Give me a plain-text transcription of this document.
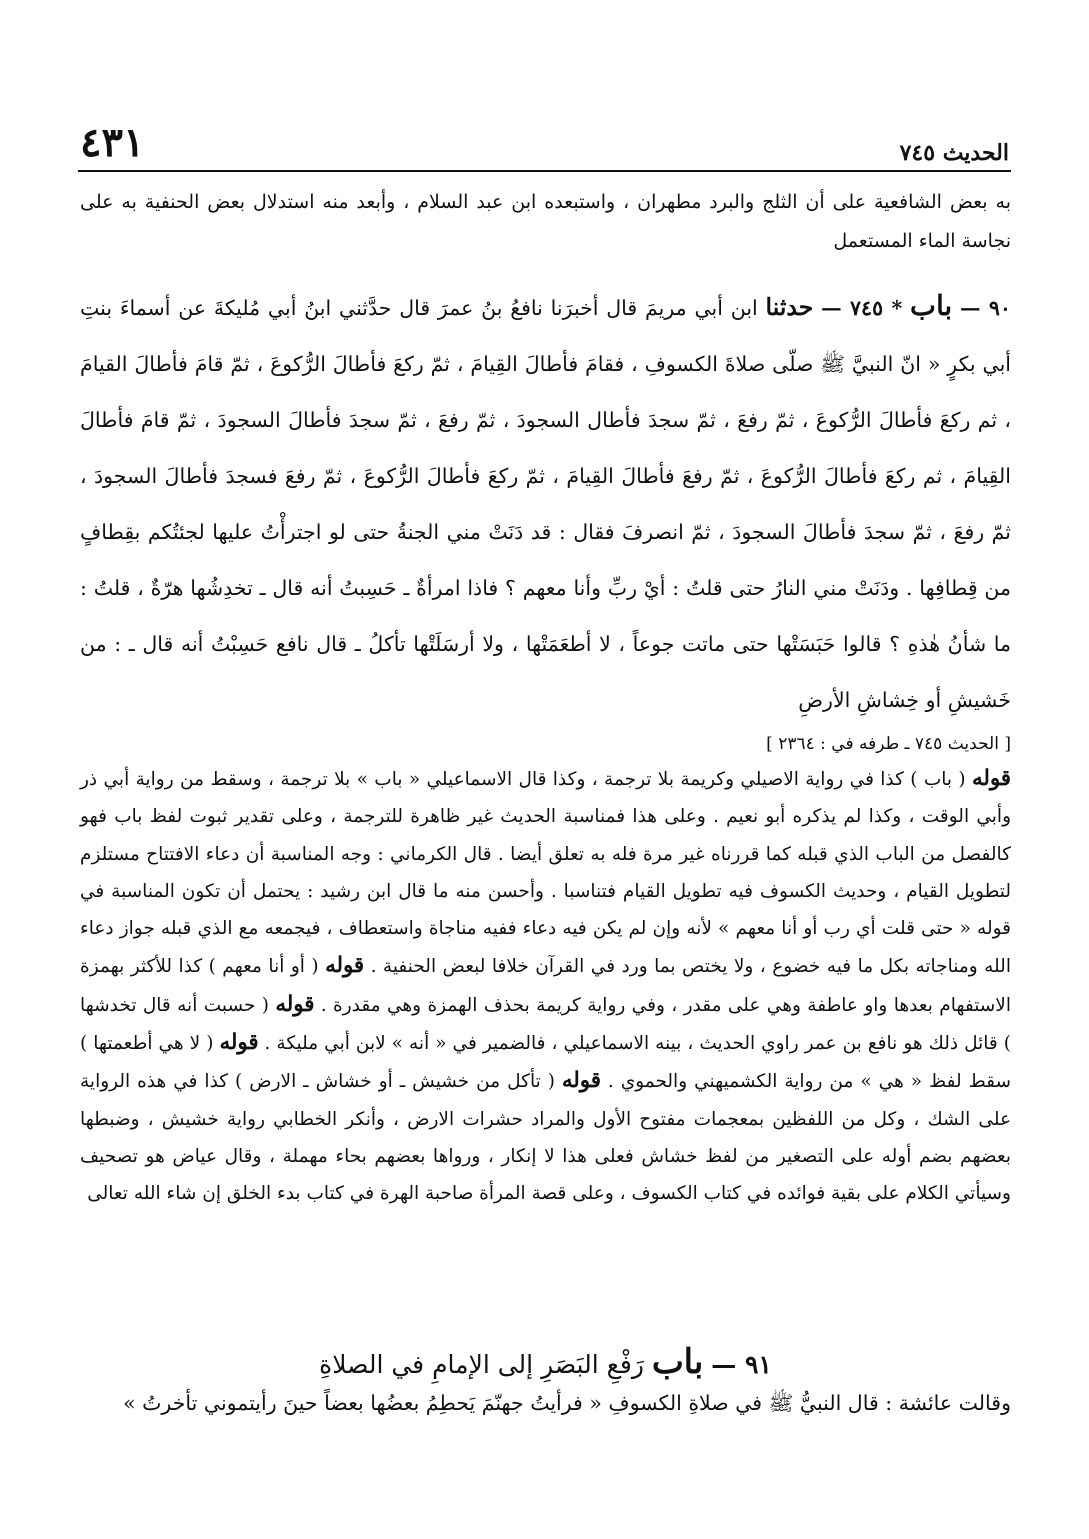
٤٣١	الحديث ٧٤٥
به بعض الشافعية على أن الثلج والبرد مطهران ، واستبعده ابن عبد السلام ، وأبعد منه استدلال بعض الحنفية به على نجاسة الماء المستعمل
٩٠ — باب * ٧٤٥ — حدثنا ابن أبي مريمَ قال أخبرَنا نافعُ بنُ عمرَ قال حدَّثني ابنُ أبي مُليكةَ عن أسماءَ بنتِ أبي بكرٍ « انّ النبيَّ ﷺ صلّى صلاةَ الكسوفِ ، فقامَ فأطالَ القِيامَ ، ثمّ ركعَ فأطالَ الرُّكوعَ ، ثمّ قامَ فأطالَ القيامَ ، ثم ركعَ فأطالَ الرُّكوعَ ، ثمّ رفعَ ، ثمّ سجدَ فأطال السجودَ ، ثمّ رفعَ ، ثمّ سجدَ فأطالَ السجودَ ، ثمّ قامَ فأطالَ القِيامَ ، ثم ركعَ فأطالَ الرُّكوعَ ، ثمّ رفعَ فأطالَ القِيامَ ، ثمّ ركعَ فأطالَ الرُّكوعَ ، ثمّ رفعَ فسجدَ فأطالَ السجودَ ، ثمّ رفعَ ، ثمّ سجدَ فأطالَ السجودَ ، ثمّ انصرفَ فقال : قد دَنَتْ مني الجنةُ حتى لو اجترأْتُ عليها لجئتُكم بقِطافٍ من قِطافِها . ودَنَتْ مني النارُ حتى قلتُ : أيْ ربِّ وأنا معهم ؟ فاذا امرأةٌ ـ حَسِبتُ أنه قال ـ تخدِشُها هرّةٌ ، قلتُ : ما شأنُ هٰذهِ ؟ قالوا حَبَسَتْها حتى ماتت جوعاً ، لا أطعَمَتْها ، ولا أرسَلَتْها تأكلُ ـ قال نافع حَسِبْتُ أنه قال ـ : من خَشيشِ أو خِشاشِ الأرضِ
[ الحديث ٧٤٥ ـ طرفه في : ٢٣٦٤ ]
قوله ( باب ) كذا في رواية الاصيلي وكريمة بلا ترجمة ، وكذا قال الاسماعيلي « باب » بلا ترجمة ، وسقط من رواية أبي ذر وأبي الوقت ، وكذا لم يذكره أبو نعيم . وعلى هذا فمناسبة الحديث غير ظاهرة للترجمة ، وعلى تقدير ثبوت لفظ باب فهو كالفصل من الباب الذي قبله كما قررناه غير مرة فله به تعلق أيضا . قال الكرماني : وجه المناسبة أن دعاء الافتتاح مستلزم لتطويل القيام ، وحديث الكسوف فيه تطويل القيام فتناسبا . وأحسن منه ما قال ابن رشيد : يحتمل أن تكون المناسبة في قوله « حتى قلت أي رب أو أنا معهم » لأنه وإن لم يكن فيه دعاء ففيه مناجاة واستعطاف ، فيجمعه مع الذي قبله جواز دعاء الله ومناجاته بكل ما فيه خضوع ، ولا يختص بما ورد في القرآن خلافا لبعض الحنفية . قوله ( أو أنا معهم ) كذا للأكثر بهمزة الاستفهام بعدها واو عاطفة وهي على مقدر ، وفي رواية كريمة بحذف الهمزة وهي مقدرة . قوله ( حسبت أنه قال تخدشها ) قائل ذلك هو نافع بن عمر راوي الحديث ، بينه الاسماعيلي ، فالضمير في « أنه » لابن أبي مليكة . قوله ( لا هي أطعمتها ) سقط لفظ « هي » من رواية الكشميهني والحموي . قوله ( تأكل من خشيش ـ أو خشاش ـ الارض ) كذا في هذه الرواية على الشك ، وكل من اللفظين بمعجمات مفتوح الأول والمراد حشرات الارض ، وأنكر الخطابي رواية خشيش ، وضبطها بعضهم بضم أوله على التصغير من لفظ خشاش فعلى هذا لا إنكار ، ورواها بعضهم بحاء مهملة ، وقال عياض هو تصحيف وسيأتي الكلام على بقية فوائده في كتاب الكسوف ، وعلى قصة المرأة صاحبة الهرة في كتاب بدء الخلق إن شاء الله تعالى
٩١ — باب رَفْعِ البَصَرِ إلى الإمامِ في الصلاةِ
وقالت عائشة : قال النبيُّ ﷺ في صلاةِ الكسوفِ « فرأيتُ جهنّمَ يَحطِمُ بعضُها بعضاً حينَ رأيتموني تأخرتُ »
